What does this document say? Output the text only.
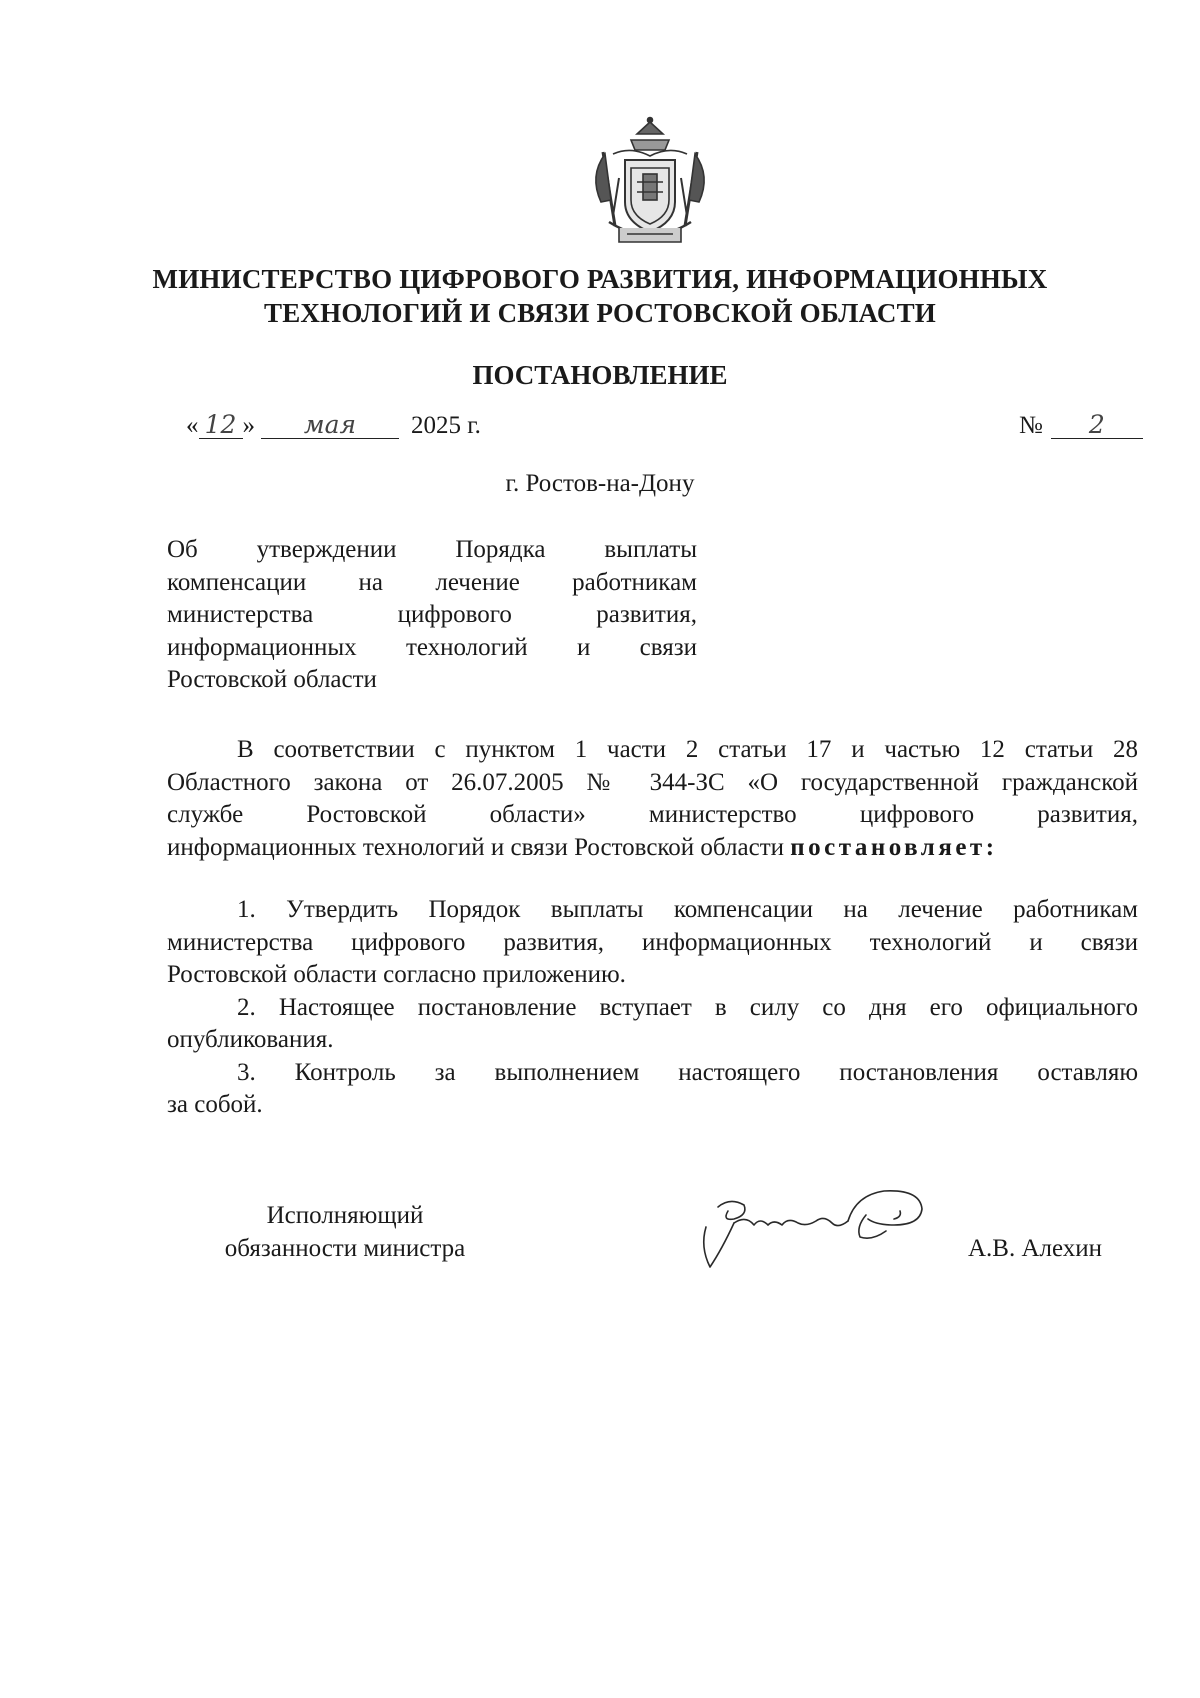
МИНИСТЕРСТВО ЦИФРОВОГО РАЗВИТИЯ, ИНФОРМАЦИОННЫХ
ТЕХНОЛОГИЙ И СВЯЗИ РОСТОВСКОЙ ОБЛАСТИ
ПОСТАНОВЛЕНИЕ
« 12 » мая 2025 г.	№ 2
г. Ростов-на-Дону
Об утверждении Порядка выплаты
компенсации на лечение работникам
министерства цифрового развития,
информационных технологий и связи
Ростовской области
В соответствии с пунктом 1 части 2 статьи 17 и частью 12 статьи 28
Областного закона от 26.07.2005 № 344-ЗС «О государственной гражданской
службе Ростовской области» министерство цифрового развития,
информационных технологий и связи Ростовской области постановляет:

1. Утвердить Порядок выплаты компенсации на лечение работникам
министерства цифрового развития, информационных технологий и связи
Ростовской области согласно приложению.

2. Настоящее постановление вступает в силу со дня его официального
опубликования.

3. Контроль за выполнением настоящего постановления оставляю
за собой.

Исполняющий
обязанности министра	А.В. Алехин
